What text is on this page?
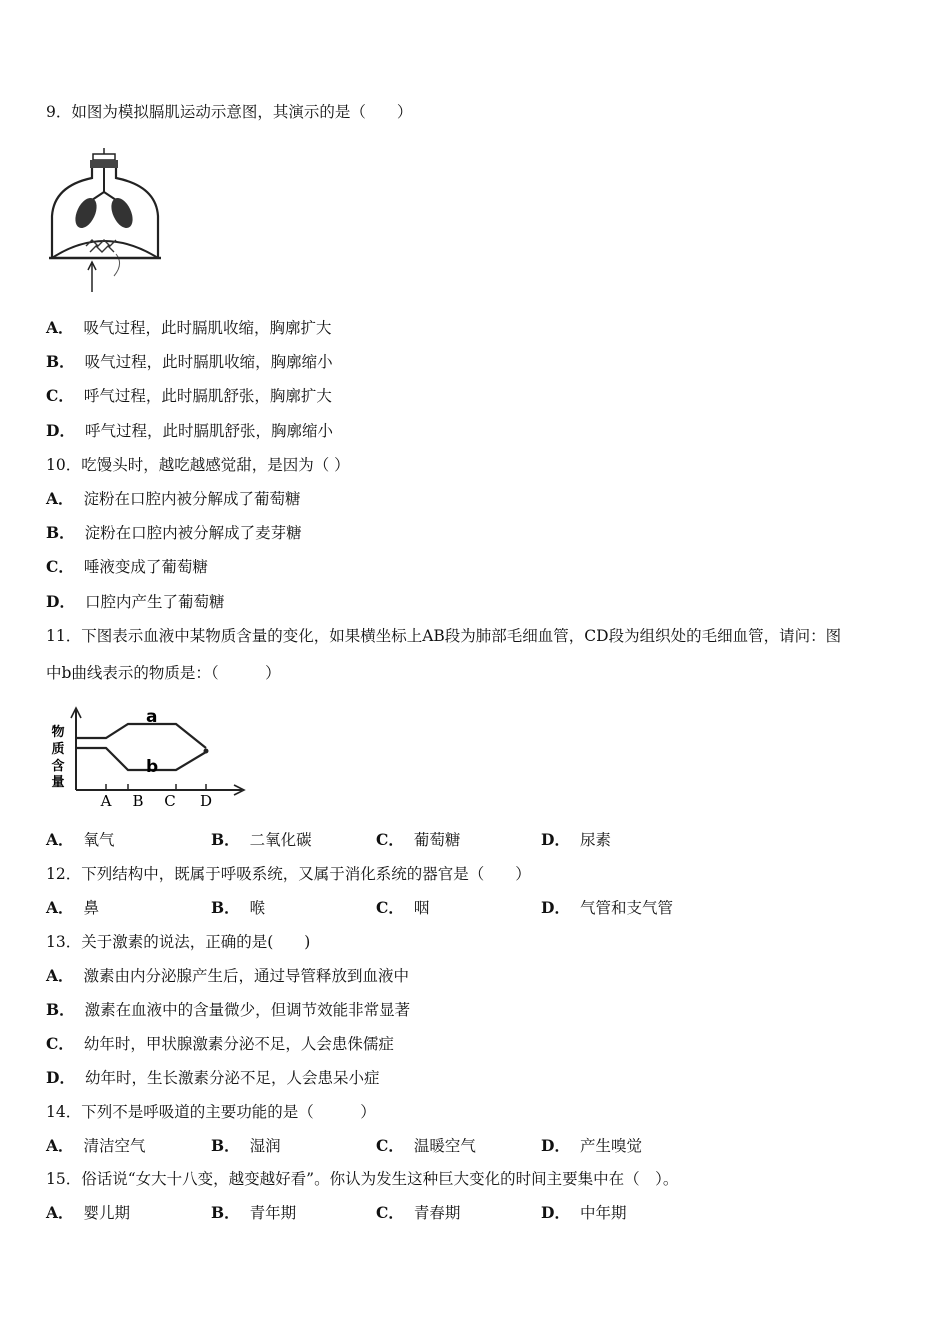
9．如图为模拟膈肌运动示意图，其演示的是（　　）
A． 吸气过程，此时膈肌收缩，胸廓扩大
B． 吸气过程，此时膈肌收缩，胸廓缩小
C． 呼气过程，此时膈肌舒张，胸廓扩大
D． 呼气过程，此时膈肌舒张，胸廓缩小
10．吃馒头时，越吃越感觉甜，是因为（ ）
A． 淀粉在口腔内被分解成了葡萄糖
B． 淀粉在口腔内被分解成了麦芽糖
C． 唾液变成了葡萄糖
D． 口腔内产生了葡萄糖
11．下图表示血液中某物质含量的变化，如果横坐标上AB段为肺部毛细血管，CD段为组织处的毛细血管，请问：图
中b曲线表示的物质是：（　　　）
物
质
含
量
a
b
A B C D
A． 氧气	B． 二氧化碳	C． 葡萄糖	D． 尿素
12．下列结构中，既属于呼吸系统，又属于消化系统的器官是（　　）
A． 鼻	B． 喉	C． 咽	D． 气管和支气管
13．关于激素的说法，正确的是(　　)
A． 激素由内分泌腺产生后，通过导管释放到血液中
B． 激素在血液中的含量微少，但调节效能非常显著
C． 幼年时，甲状腺激素分泌不足，人会患侏儒症
D． 幼年时，生长激素分泌不足，人会患呆小症
14．下列不是呼吸道的主要功能的是（　　　）
A． 清洁空气	B． 湿润	C． 温暖空气	D． 产生嗅觉
15．俗话说“女大十八变，越变越好看”。你认为发生这种巨大变化的时间主要集中在（　）。
A． 婴儿期	B． 青年期	C． 青春期	D． 中年期
